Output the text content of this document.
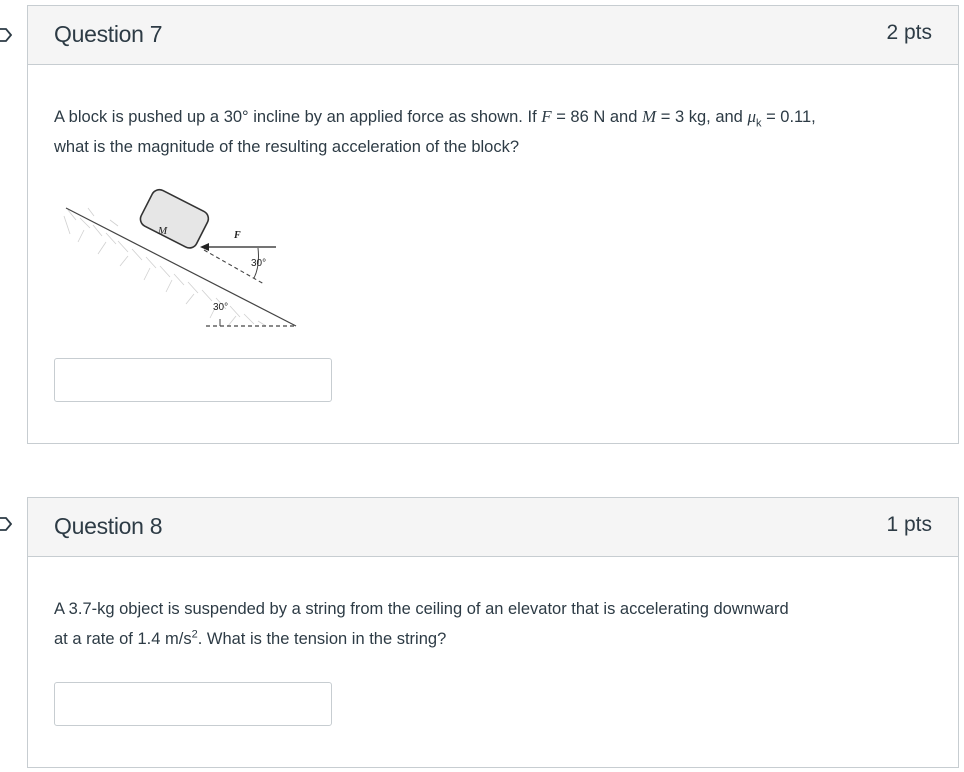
Question 7	2 pts
A block is pushed up a 30° incline by an applied force as shown. If F = 86 N and M = 3 kg, and $\mu_k = 0.11$,
what is the magnitude of the resulting acceleration of the block?
30°
M	F
30°
Question 8	1 pts
A 3.7-kg object is suspended by a string from the ceiling of an elevator that is accelerating downward
at a rate of 1.4 $m/s^2$. What is the tension in the string?
